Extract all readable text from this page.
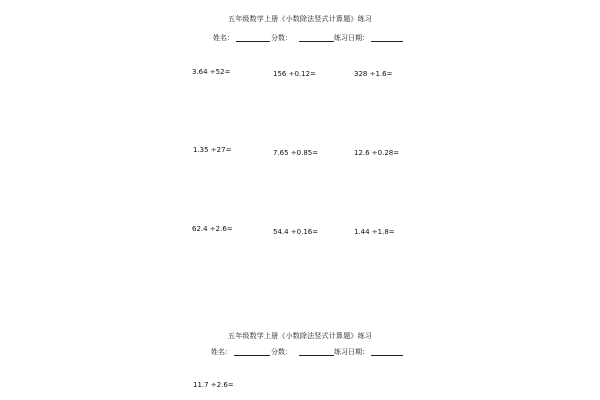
五年级数学上册《小数除法竖式计算题》练习
姓名：	分数：	练习日期：
3.64 ÷52=	156 ÷0.12=	328 ÷1.6=
1.35 ÷27=	7.65 ÷0.85=	12.6 ÷0.28=
62.4 ÷2.6=	54.4 ÷0.16=	1.44 ÷1.8=
五年级数学上册《小数除法竖式计算题》练习
姓名：	分数：	练习日期：
11.7 ÷2.6=
